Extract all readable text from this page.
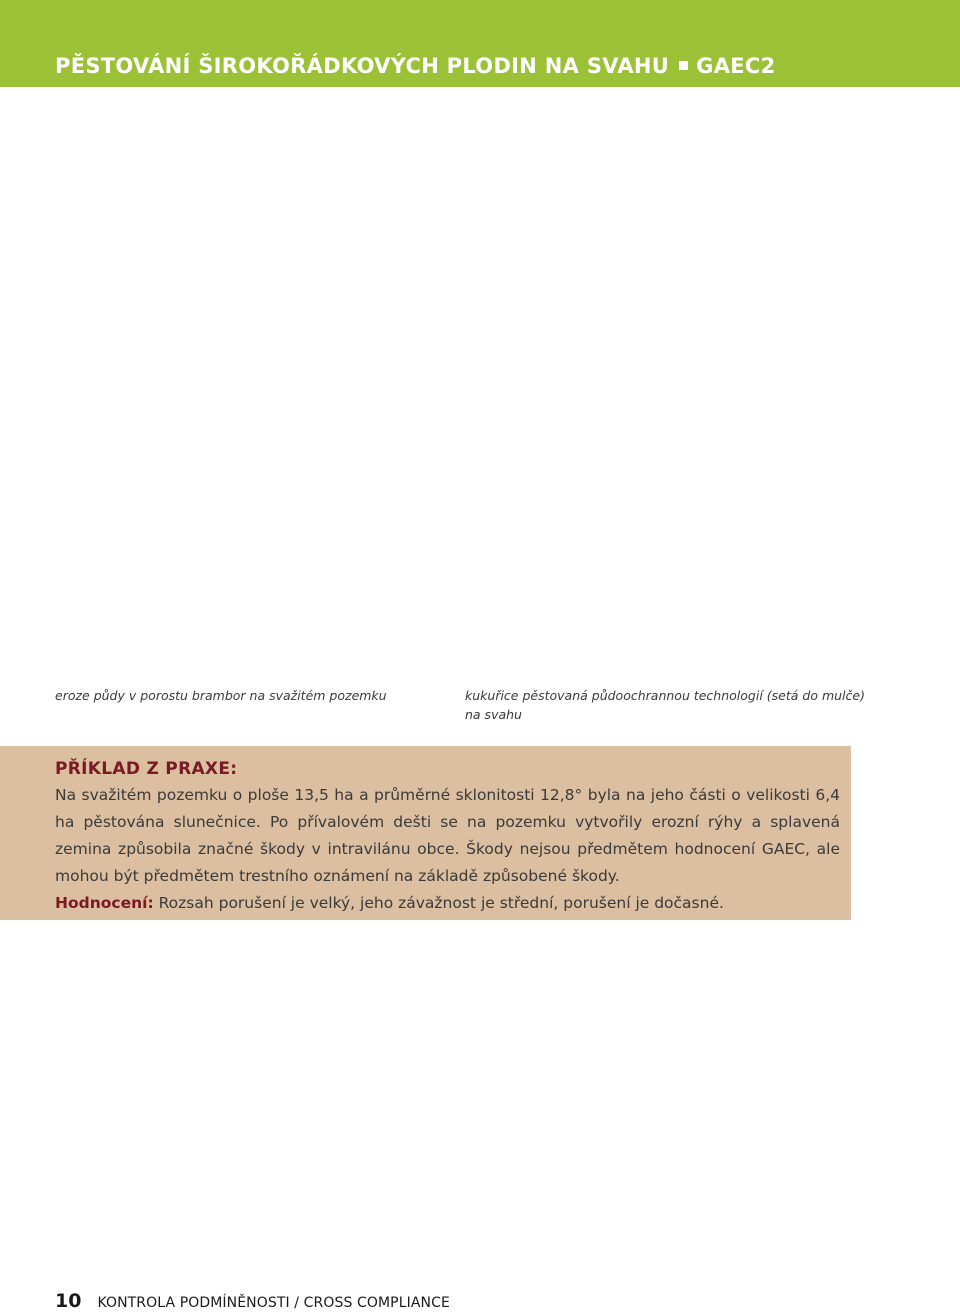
PĚSTOVÁNÍ ŠIROKOŘÁDKOVÝCH PLODIN NA SVAHU GAEC2
eroze půdy v porostu brambor na svažitém pozemku	kukuřice pěstovaná půdoochrannou technologií (setá do mulče) na svahu
PŘÍKLAD Z PRAXE:
Na svažitém pozemku o ploše 13,5 ha a průměrné sklonitosti 12,8° byla na jeho části o velikosti 6,4 ha pěstována slunečnice. Po přívalovém dešti se na pozemku vytvořily erozní rýhy a splavená zemina způsobila značné škody v intravilánu obce. Škody nejsou předmětem hodnocení GAEC, ale mohou být předmětem trestního oznámení na základě způsobené škody.
Hodnocení: Rozsah porušení je velký, jeho závažnost je střední, porušení je dočasné.
10 KONTROLA PODMÍNĚNOSTI / CROSS COMPLIANCE
